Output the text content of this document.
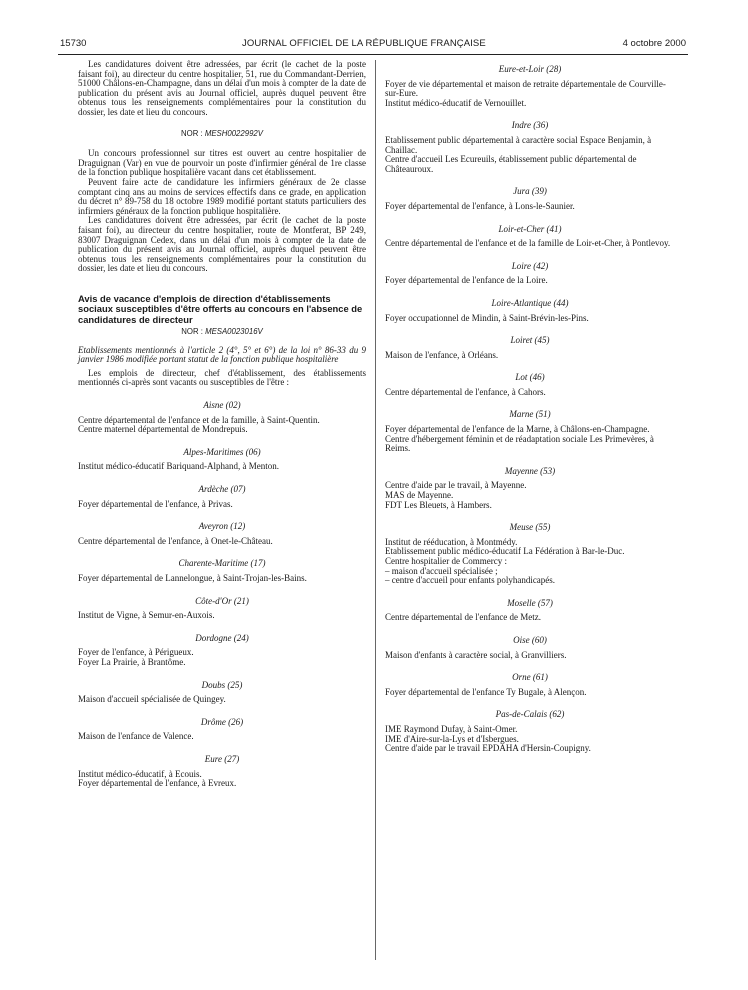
15730	JOURNAL OFFICIEL DE LA RÉPUBLIQUE FRANÇAISE	4 octobre 2000

Les candidatures doivent être adressées, par écrit (le cachet de la poste faisant foi), au directeur du centre hospitalier, 51, rue du Commandant-Derrien, 51000 Châlons-en-Champagne, dans un délai d'un mois à compter de la date de publication du présent avis au Journal officiel, auprès duquel peuvent être obtenus tous les renseignements complémentaires pour la constitution du dossier, les date et lieu du concours.

NOR : MESH0022992V

Un concours professionnel sur titres est ouvert au centre hospitalier de Draguignan (Var) en vue de pourvoir un poste d'infirmier général de 1re classe de la fonction publique hospitalière vacant dans cet établissement.

Peuvent faire acte de candidature les infirmiers généraux de 2e classe comptant cinq ans au moins de services effectifs dans ce grade, en application du décret n° 89-758 du 18 octobre 1989 modifié portant statuts particuliers des infirmiers généraux de la fonction publique hospitalière.

Les candidatures doivent être adressées, par écrit (le cachet de la poste faisant foi), au directeur du centre hospitalier, route de Montferat, BP 249, 83007 Draguignan Cedex, dans un délai d'un mois à compter de la date de publication du présent avis au Journal officiel, auprès duquel peuvent être obtenus tous les renseignements complémentaires pour la constitution du dossier, les date et lieu du concours.

Avis de vacance d'emplois de direction d'établissements sociaux susceptibles d'être offerts au concours en l'absence de candidatures de directeur

NOR : MESA0023016V

Etablissements mentionnés à l'article 2 (4°, 5° et 6°) de la loi n° 86-33 du 9 janvier 1986 modifiée portant statut de la fonction publique hospitalière

Les emplois de directeur, chef d'établissement, des établissements mentionnés ci-après sont vacants ou susceptibles de l'être :

Aisne (02)

Centre départemental de l'enfance et de la famille, à Saint-Quentin.

Centre maternel départemental de Mondrepuis.

Alpes-Maritimes (06)

Institut médico-éducatif Bariquand-Alphand, à Menton.

Ardèche (07)

Foyer départemental de l'enfance, à Privas.

Aveyron (12)

Centre départemental de l'enfance, à Onet-le-Château.

Charente-Maritime (17)

Foyer départemental de Lannelongue, à Saint-Trojan-les-Bains.

Côte-d'Or (21)

Institut de Vigne, à Semur-en-Auxois.

Dordogne (24)

Foyer de l'enfance, à Périgueux.

Foyer La Prairie, à Brantôme.

Doubs (25)

Maison d'accueil spécialisée de Quingey.

Drôme (26)

Maison de l'enfance de Valence.

Eure (27)

Institut médico-éducatif, à Ecouis.

Foyer départemental de l'enfance, à Evreux.

Eure-et-Loir (28)

Foyer de vie départemental et maison de retraite départementale de Courville-sur-Eure.

Institut médico-éducatif de Vernouillet.

Indre (36)

Etablissement public départemental à caractère social Espace Benjamin, à Chaillac.

Centre d'accueil Les Ecureuils, établissement public départemental de Châteauroux.

Jura (39)

Foyer départemental de l'enfance, à Lons-le-Saunier.

Loir-et-Cher (41)

Centre départemental de l'enfance et de la famille de Loir-et-Cher, à Pontlevoy.

Loire (42)

Foyer départemental de l'enfance de la Loire.

Loire-Atlantique (44)

Foyer occupationnel de Mindin, à Saint-Brévin-les-Pins.

Loiret (45)

Maison de l'enfance, à Orléans.

Lot (46)

Centre départemental de l'enfance, à Cahors.

Marne (51)

Foyer départemental de l'enfance de la Marne, à Châlons-en-Champagne.

Centre d'hébergement féminin et de réadaptation sociale Les Primevères, à Reims.

Mayenne (53)

Centre d'aide par le travail, à Mayenne.

MAS de Mayenne.

FDT Les Bleuets, à Hambers.

Meuse (55)

Institut de rééducation, à Montmédy.

Etablissement public médico-éducatif La Fédération à Bar-le-Duc.

Centre hospitalier de Commercy :

– maison d'accueil spécialisée ;

– centre d'accueil pour enfants polyhandicapés.

Moselle (57)

Centre départemental de l'enfance de Metz.

Oise (60)

Maison d'enfants à caractère social, à Granvilliers.

Orne (61)

Foyer départemental de l'enfance Ty Bugale, à Alençon.

Pas-de-Calais (62)

IME Raymond Dufay, à Saint-Omer.

IME d'Aire-sur-la-Lys et d'Isbergues.

Centre d'aide par le travail EPDAHA d'Hersin-Coupigny.
